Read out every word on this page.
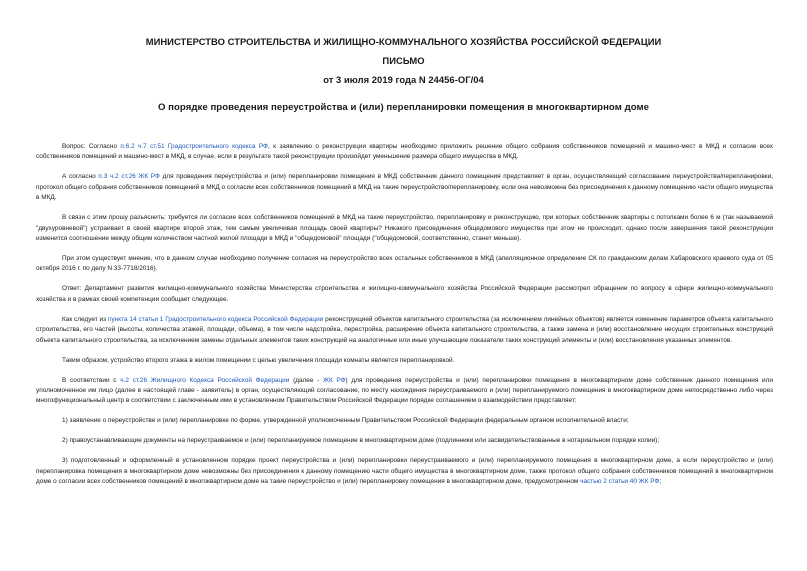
МИНИСТЕРСТВО СТРОИТЕЛЬСТВА И ЖИЛИЩНО-КОММУНАЛЬНОГО ХОЗЯЙСТВА РОССИЙСКОЙ ФЕДЕРАЦИИ
ПИСЬМО
от 3 июля 2019 года N 24456-ОГ/04
О порядке проведения переустройства и (или) перепланировки помещения в многоквартирном доме

Вопрос: Согласно п.6.2 ч.7 ст.51 Градостроительного кодекса РФ, к заявлению о реконструкции квартиры необходимо приложить решение общего собрания собственников помещений и машино-мест в МКД и согласие всех собственников помещений и машино-мест в МКД, в случае, если в результате такой реконструкции произойдет уменьшение размера общего имущества в МКД.

А согласно п.3 ч.2 ст.26 ЖК РФ для проведения переустройства и (или) перепланировки помещения в МКД собственник данного помещения представляет в орган, осуществляющий согласование переустройства/перепланировки, протокол общего собрания собственников помещений в МКД о согласии всех собственников помещений в МКД на такие переустройство/перепланировку, если она невозможна без присоединения к данному помещению части общего имущества в МКД.

В связи с этим прошу разъяснить: требуется ли согласие всех собственников помещений в МКД на такие переустройство, перепланировку и реконструкцию, при которых собственник квартиры с потолками более 6 м (так называемой "двухуровневой") устраивает в своей квартире второй этаж, тем самым увеличивая площадь своей квартиры? Никакого присоединения общедомового имущества при этом не происходит, однако после завершения такой реконструкции изменится соотношение между общим количеством частной жилой площади в МКД и "общедомовой" площади ("общедомовой, соответственно, станет меньше).

При этом существует мнение, что в данном случае необходимо получение согласия на переустройство всех остальных собственников в МКД (апелляционное определение СК по гражданским делам Хабаровского краевого суда от 05 октября 2016 г. по делу N 33-7718/2016).

Ответ: Департамент развития жилищно-коммунального хозяйства Министерства строительства и жилищно-коммунального хозяйства Российской Федерации рассмотрел обращение по вопросу в сфере жилищно-коммунального хозяйства и в рамках своей компетенции сообщает следующее.

Как следует из пункта 14 статьи 1 Градостроительного кодекса Российской Федерации реконструкцией объектов капитального строительства (за исключением линейных объектов) является изменение параметров объекта капитального строительства, его частей (высоты, количества этажей, площади, объема), в том числе надстройка, перестройка, расширение объекта капитального строительства, а также замена и (или) восстановление несущих строительных конструкций объекта капитального строительства, за исключением замены отдельных элементов таких конструкций на аналогичные или иные улучшающие показатели таких конструкций элементы и (или) восстановления указанных элементов.

Таким образом, устройство второго этажа в жилом помещении с целью увеличения площади комнаты является перепланировкой.

В соответствии с ч.2 ст.26 Жилищного Кодекса Российской Федерации (далее - ЖК РФ) для проведения переустройства и (или) перепланировки помещения в многоквартирном доме собственник данного помещения или уполномоченное им лицо (далее в настоящей главе - заявитель) в орган, осуществляющий согласование, по месту нахождения переустраиваемого и (или) перепланируемого помещения в многоквартирном доме непосредственно либо через многофункциональный центр в соответствии с заключенным ими в установленном Правительством Российской Федерации порядке соглашением о взаимодействии представляет:

1) заявление о переустройстве и (или) перепланировке по форме, утвержденной уполномоченным Правительством Российской Федерации федеральным органом исполнительной власти;

2) правоустанавливающие документы на переустраиваемое и (или) перепланируемое помещение в многоквартирном доме (подлинники или засвидетельствованные в нотариальном порядке копии);

3) подготовленный и оформленный в установленном порядке проект переустройства и (или) перепланировки переустраиваемого и (или) перепланируемого помещения в многоквартирном доме, а если переустройство и (или) перепланировка помещения в многоквартирном доме невозможны без присоединения к данному помещению части общего имущества в многоквартирном доме, также протокол общего собрания собственников помещений в многоквартирном доме о согласии всех собственников помещений в многоквартирном доме на такие переустройство и (или) перепланировку помещения в многоквартирном доме, предусмотренном частью 2 статьи 40 ЖК РФ;
